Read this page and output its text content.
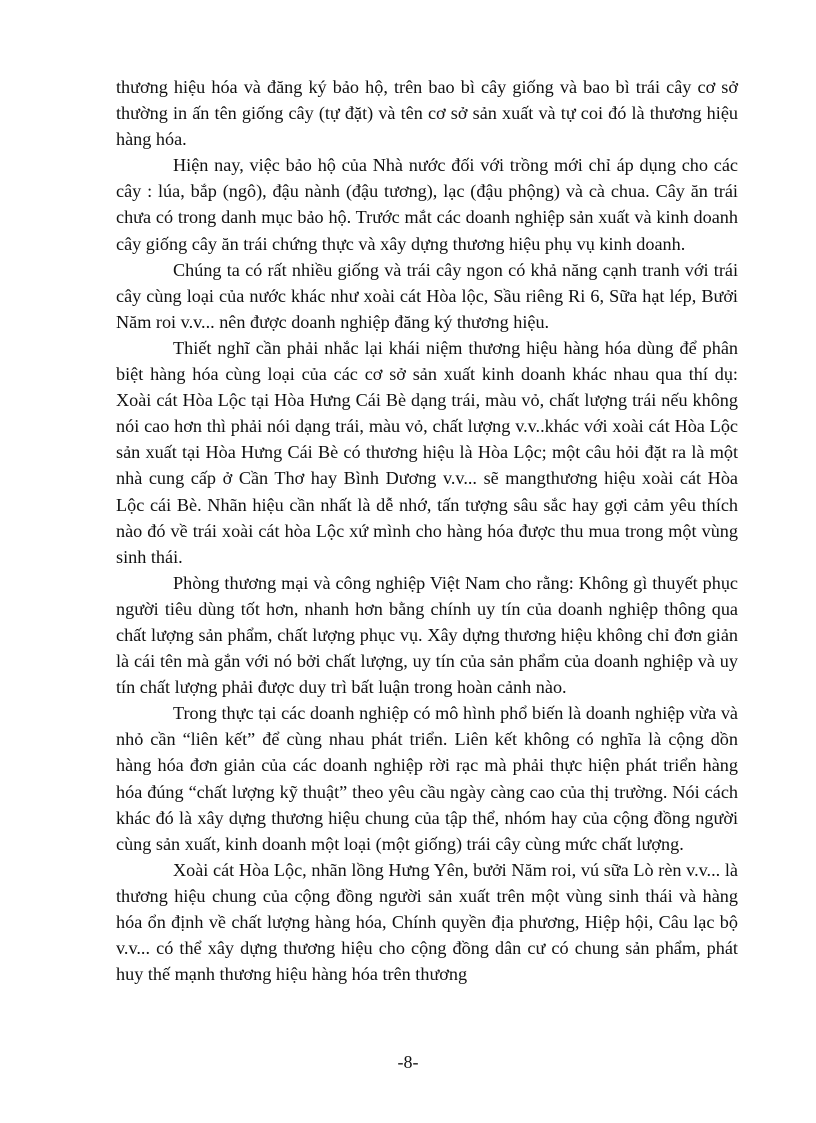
thương hiệu hóa và đăng ký bảo hộ, trên bao bì cây giống và bao bì trái cây cơ sở thường in ấn tên giống cây (tự đặt) và tên cơ sở sản xuất và tự coi đó là thương hiệu hàng hóa.

Hiện nay, việc bảo hộ của Nhà nước đối với trồng mới chỉ áp dụng cho các cây : lúa, bắp (ngô), đậu nành (đậu tương), lạc (đậu phộng) và cà chua. Cây ăn trái chưa có trong danh mục bảo hộ. Trước mắt các doanh nghiệp sản xuất và kinh doanh cây giống cây ăn trái chứng thực và xây dựng thương hiệu phụ vụ kinh doanh.

Chúng ta có rất nhiều giống và trái cây ngon có khả năng cạnh tranh với trái cây cùng loại của nước khác như xoài cát Hòa lộc, Sầu riêng Ri 6, Sữa hạt lép, Bưởi Năm roi v.v... nên được doanh nghiệp đăng ký thương hiệu.

Thiết nghĩ cần phải nhắc lại khái niệm thương hiệu hàng hóa dùng để phân biệt hàng hóa cùng loại của các cơ sở sản xuất kinh doanh khác nhau qua thí dụ: Xoài cát Hòa Lộc tại Hòa Hưng Cái Bè dạng trái, màu vỏ, chất lượng trái nếu không nói cao hơn thì phải nói dạng trái, màu vỏ, chất lượng v.v..khác với xoài cát Hòa Lộc sản xuất tại Hòa Hưng Cái Bè có thương hiệu là Hòa Lộc; một câu hỏi đặt ra là một nhà cung cấp ở Cần Thơ hay Bình Dương v.v... sẽ mangthương hiệu xoài cát Hòa Lộc cái Bè. Nhãn hiệu cần nhất là dễ nhớ, tấn tượng sâu sắc hay gợi cảm yêu thích nào đó về trái xoài cát hòa Lộc xứ mình cho hàng hóa được thu mua trong một vùng sinh thái.

Phòng thương mại và công nghiệp Việt Nam cho rằng: Không gì thuyết phục người tiêu dùng tốt hơn, nhanh hơn bằng chính uy tín của doanh nghiệp thông qua chất lượng sản phẩm, chất lượng phục vụ. Xây dựng thương hiệu không chỉ đơn giản là cái tên mà gắn với nó bởi chất lượng, uy tín của sản phẩm của doanh nghiệp và uy tín chất lượng phải được duy trì bất luận trong hoàn cảnh nào.

Trong thực tại các doanh nghiệp có mô hình phổ biến là doanh nghiệp vừa và nhỏ cần “liên kết” để cùng nhau phát triển. Liên kết không có nghĩa là cộng dồn hàng hóa đơn giản của các doanh nghiệp rời rạc mà phải thực hiện phát triển hàng hóa đúng “chất lượng kỹ thuật” theo yêu cầu ngày càng cao của thị trường. Nói cách khác đó là xây dựng thương hiệu chung của tập thể, nhóm hay của cộng đồng người cùng sản xuất, kinh doanh một loại (một giống) trái cây cùng mức chất lượng.

Xoài cát Hòa Lộc, nhãn lồng Hưng Yên, bưởi Năm roi, vú sữa Lò rèn v.v... là thương hiệu chung của cộng đồng người sản xuất trên một vùng sinh thái và hàng hóa ổn định về chất lượng hàng hóa, Chính quyền địa phương, Hiệp hội, Câu lạc bộ v.v... có thể xây dựng thương hiệu cho cộng đồng dân cư có chung sản phẩm, phát huy thế mạnh thương hiệu hàng hóa trên thương

-8-
